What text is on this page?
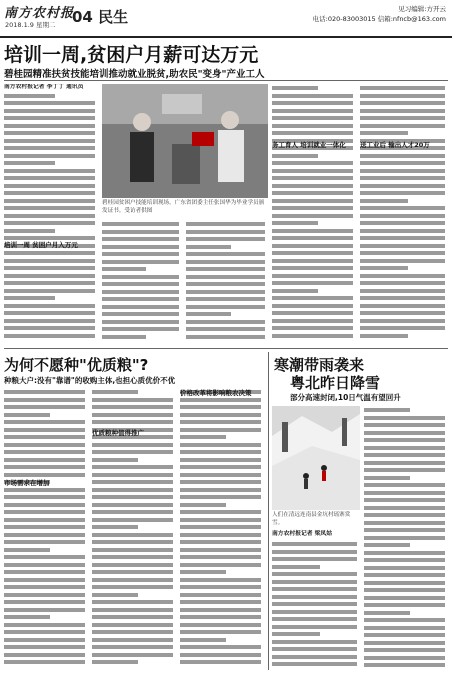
南方农村报
2018.1.9 星期二 04 民生	见习编辑:方开云
电话:020-83003015 信箱:nfncb@163.com
培训一周,贫困户月薪可达万元
碧桂园精准扶贫技能培训推动就业脱贫,助农民"变身"产业工人
南方农村报记者 李丁丁 通讯员
碧桂园贫困户技能培训现场。广东省团委主任张国华为毕业学员颁发证书。受访者供图
培训一周 贫困户月入万元
务工育人 培训就业一体化	送工业后 输出人才20万
为何不愿种"优质粮"?
种粮大户:没有"靠谱"的收购主体,也担心质优价不优
市场需求在增加
优质粮种值得推广
价格改革将影响粮农决策
寒潮带雨袭来
粤北昨日降雪
部分高速封闭,10日气温有望回升
人们在清远连南县金坑村瑶寨赏雪。
南方农村报记者 梁凤姑
